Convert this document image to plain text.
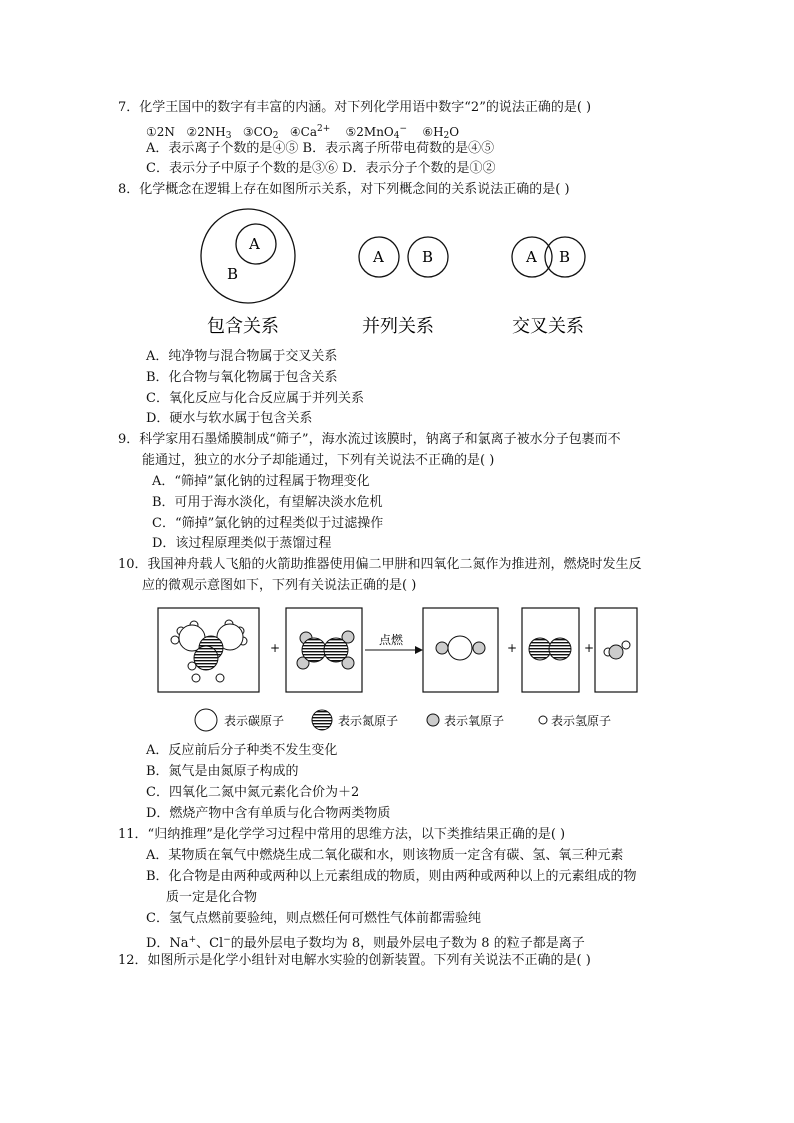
7．化学王国中的数字有丰富的内涵。对下列化学用语中数字“2”的说法正确的是( )
①2N $②2NH_3$ $③CO_2$ $④Ca^{2+}$ ⑤2MnO$_4$− $⑥H_2O$
A．表示离子个数的是④⑤ B．表示离子所带电荷数的是④⑤
C．表示分子中原子个数的是③⑥ D．表示分子个数的是①②
8．化学概念在逻辑上存在如图所示关系，对下列概念间的关系说法正确的是( )
A
B
A	B	A B
包含关系	并列关系	交叉关系
A．纯净物与混合物属于交叉关系
B．化合物与氧化物属于包含关系
C．氧化反应与化合反应属于并列关系
D．硬水与软水属于包含关系
9．科学家用石墨烯膜制成“筛子”，海水流过该膜时，钠离子和氯离子被水分子包裹而不
能通过，独立的水分子却能通过，下列有关说法不正确的是( )
A．“筛掉”氯化钠的过程属于物理变化
B．可用于海水淡化，有望解决淡水危机
C．“筛掉”氯化钠的过程类似于过滤操作
D．该过程原理类似于蒸馏过程
10．我国神舟载人飞船的火箭助推器使用偏二甲肼和四氧化二氮作为推进剂，燃烧时发生反
应的微观示意图如下，下列有关说法正确的是( )
+
点燃
+	+
表示碳原子	表示氮原子	表示氧原子	表示氢原子
A．反应前后分子种类不发生变化
B．氮气是由氮原子构成的
C．四氧化二氮中氮元素化合价为＋2
D．燃烧产物中含有单质与化合物两类物质
11．“归纳推理”是化学学习过程中常用的思维方法，以下类推结果正确的是( )
A．某物质在氧气中燃烧生成二氧化碳和水，则该物质一定含有碳、氢、氧三种元素
B．化合物是由两种或两种以上元素组成的物质，则由两种或两种以上的元素组成的物
质一定是化合物
C．氢气点燃前要验纯，则点燃任何可燃性气体前都需验纯
D．Na+、Cl−的最外层电子数均为 8，则最外层电子数为 8 的粒子都是离子
12．如图所示是化学小组针对电解水实验的创新装置。下列有关说法不正确的是( )
